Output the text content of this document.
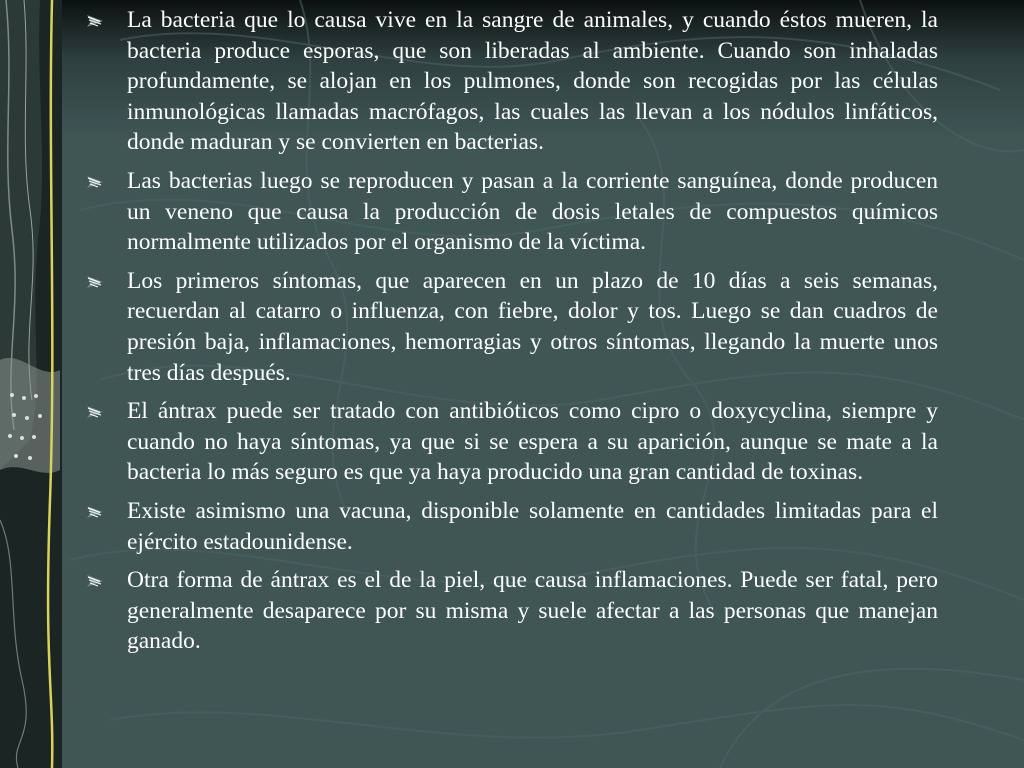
La bacteria que lo causa vive en la sangre de animales, y cuando éstos mueren, la bacteria produce esporas, que son liberadas al ambiente. Cuando son inhaladas profundamente, se alojan en los pulmones, donde son recogidas por las células inmunológicas llamadas macrófagos, las cuales las llevan a los nódulos linfáticos, donde maduran y se convierten en bacterias.
Las bacterias luego se reproducen y pasan a la corriente sanguínea, donde producen un veneno que causa la producción de dosis letales de compuestos químicos normalmente utilizados por el organismo de la víctima.
Los primeros síntomas, que aparecen en un plazo de 10 días a seis semanas, recuerdan al catarro o influenza, con fiebre, dolor y tos. Luego se dan cuadros de presión baja, inflamaciones, hemorragias y otros síntomas, llegando la muerte unos tres días después.
El ántrax puede ser tratado con antibióticos como cipro o doxycyclina, siempre y cuando no haya síntomas, ya que si se espera a su aparición, aunque se mate a la bacteria lo más seguro es que ya haya producido una gran cantidad de toxinas.
Existe asimismo una vacuna, disponible solamente en cantidades limitadas para el ejército estadounidense.
Otra forma de ántrax es el de la piel, que causa inflamaciones. Puede ser fatal, pero generalmente desaparece por su misma y suele afectar a las personas que manejan ganado.
